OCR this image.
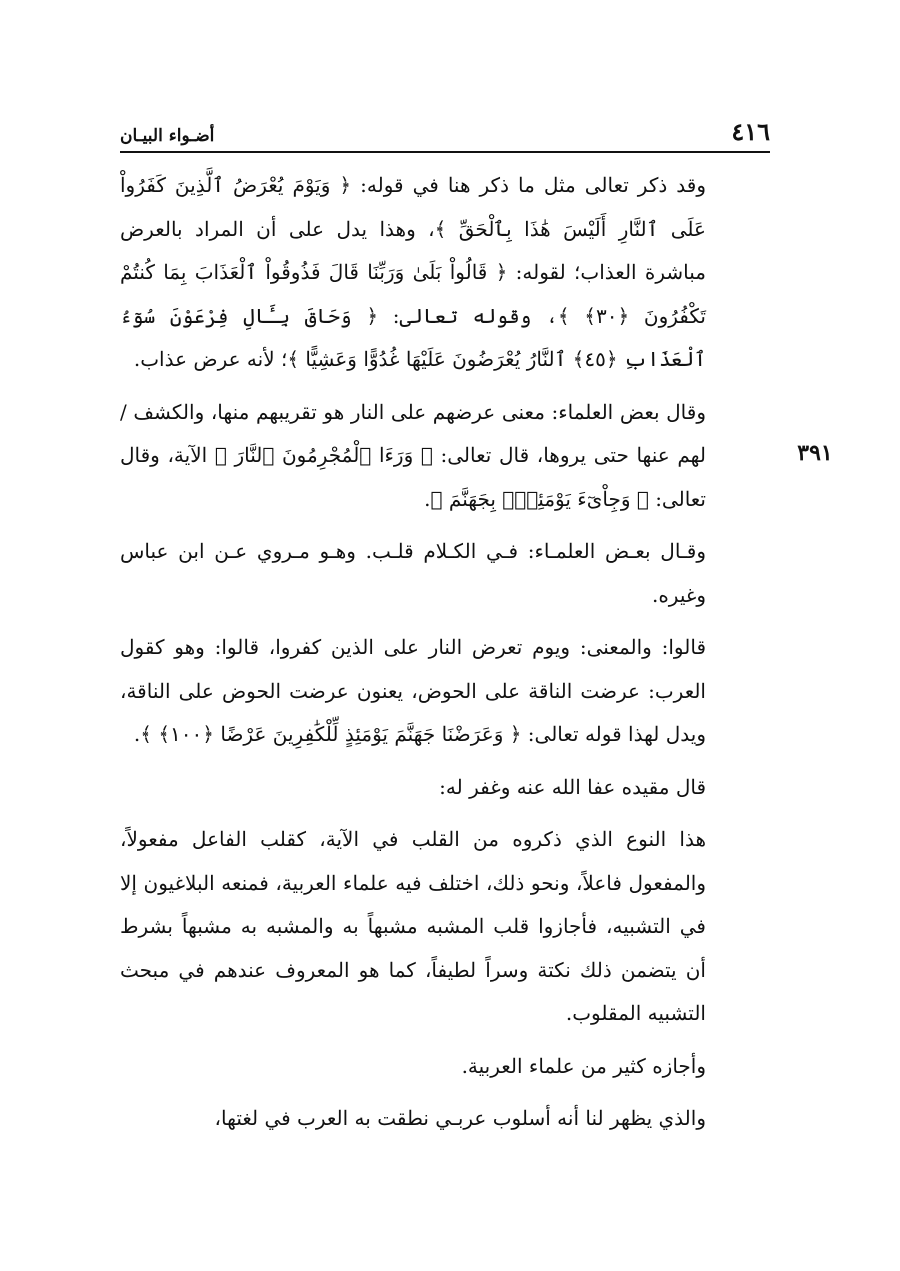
٤١٦
أضـواء البيـان
٣٩١

وقد ذكر تعالى مثل ما ذكر هنا في قوله: ﴿ وَيَوْمَ يُعْرَضُ ٱلَّذِينَ كَفَرُواْ عَلَى ٱلنَّارِ أَلَيْسَ هَٰذَا بِٱلْحَقِّ ﴾، وهذا يدل على أن المراد بالعرض مباشرة العذاب؛ لقوله: ﴿ قَالُواْ بَلَىٰ وَرَبِّنَا قَالَ فَذُوقُواْ ٱلْعَذَابَ بِمَا كُنتُمْ تَكْفُرُونَ ﴿٣٠﴾ ﴾، وقوله تعالى: ﴿ وَحَاقَ بِـَٔالِ فِرْعَوْنَ سُوٓءُ ٱلْعَذَابِ ﴿٤٥﴾ ٱلنَّارُ يُعْرَضُونَ عَلَيْهَا غُدُوًّا وَعَشِيًّا ﴾؛ لأنه عرض عذاب.

وقال بعض العلماء: معنى عرضهم على النار هو تقريبهم منها، والكشف / لهم عنها حتى يروها، قال تعالى: ﴿ وَرَءَا ٱلْمُجْرِمُونَ ٱلنَّارَ ﴾ الآية، وقال تعالى: ﴿ وَجِاْىٓءَ يَوْمَئِذٍۭ بِجَهَنَّمَ ﴾.

وقـال بعـض العلمـاء: فـي الكـلام قلـب. وهـو مـروي عـن ابن عباس وغيره.

قالوا: والمعنى: ويوم تعرض النار على الذين كفروا، قالوا: وهو كقول العرب: عرضت الناقة على الحوض، يعنون عرضت الحوض على الناقة، ويدل لهذا قوله تعالى: ﴿ وَعَرَضْنَا جَهَنَّمَ يَوْمَئِذٍ لِّلْكَٰفِرِينَ عَرْضًا ﴿١٠٠﴾ ﴾.

قال مقيده عفا الله عنه وغفر له:

هذا النوع الذي ذكروه من القلب في الآية، كقلب الفاعل مفعولاً، والمفعول فاعلاً، ونحو ذلك، اختلف فيه علماء العربية، فمنعه البلاغيون إلا في التشبيه، فأجازوا قلب المشبه مشبهاً به والمشبه به مشبهاً بشرط أن يتضمن ذلك نكتة وسراً لطيفاً، كما هو المعروف عندهم في مبحث التشبيه المقلوب.

وأجازه كثير من علماء العربية.

والذي يظهر لنا أنه أسلوب عربـي نطقت به العرب في لغتها،
